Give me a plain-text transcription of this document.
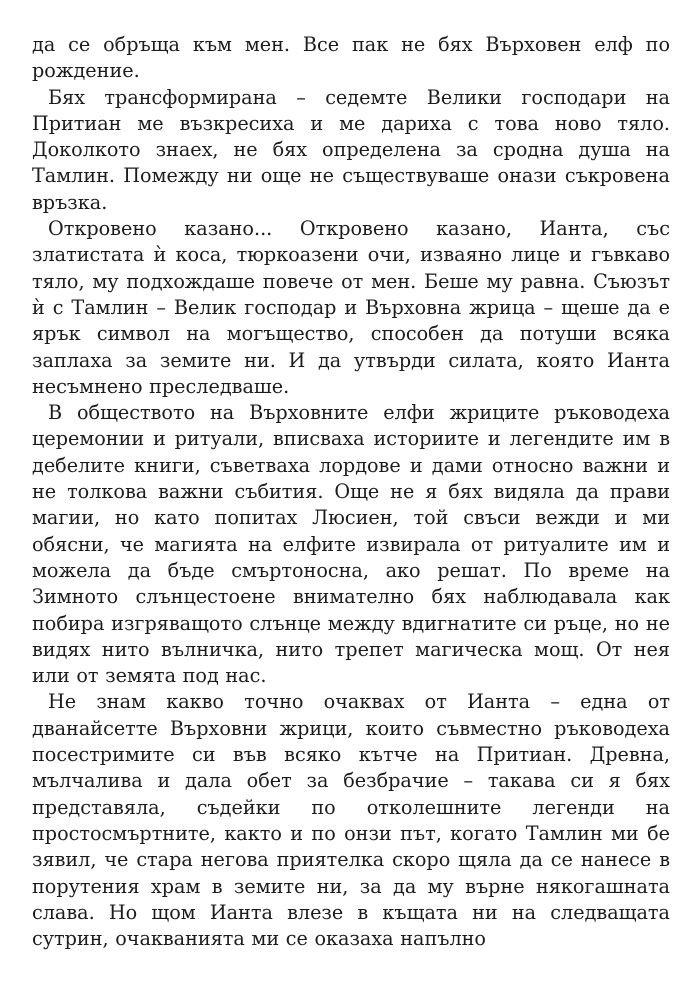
да се обръща към мен. Все пак не бях Върховен елф по рождение.

Бях трансформирана – седемте Велики господари на Притиан ме възкресиха и ме дариха с това ново тяло. Доколкото знаех, не бях определена за сродна душа на Тамлин. Помежду ни още не съществуваше онази съкровена връзка.

Откровено казано... Откровено казано, Ианта, със златистата ѝ коса, тюркоазени очи, изваяно лице и гъвкаво тяло, му подхождаше повече от мен. Беше му равна. Съюзът ѝ с Тамлин – Велик господар и Върховна жрица – щеше да е ярък символ на могъщество, способен да потуши всяка заплаха за земите ни. И да утвърди силата, която Ианта несъмнено преследваше.

В обществото на Върховните елфи жриците ръководеха церемонии и ритуали, вписваха историите и легендите им в дебелите книги, съветваха лордове и дами относно важни и не толкова важни събития. Още не я бях видяла да прави магии, но като попитах Люсиен, той свъси вежди и ми обясни, че магията на елфите извирала от ритуалите им и можела да бъде смъртоносна, ако решат. По време на Зимното слънцестоене внимателно бях наблюдавала как побира изгряващото слънце между вдигнатите си ръце, но не видях нито вълничка, нито трепет магическа мощ. От нея или от земята под нас.

Не знам какво точно очаквах от Ианта – една от дванайсетте Върховни жрици, които съвместно ръководеха посестримите си във всяко кътче на Притиан. Древна, мълчалива и дала обет за безбрачие – такава си я бях представяла, съдейки по отколешните легенди на простосмъртните, както и по онзи път, когато Тамлин ми бе зявил, че стара негова приятелка скоро щяла да се нанесе в порутения храм в земите ни, за да му върне някогашната слава. Но щом Ианта влезе в къщата ни на следващата сутрин, очакванията ми се оказаха напълно
